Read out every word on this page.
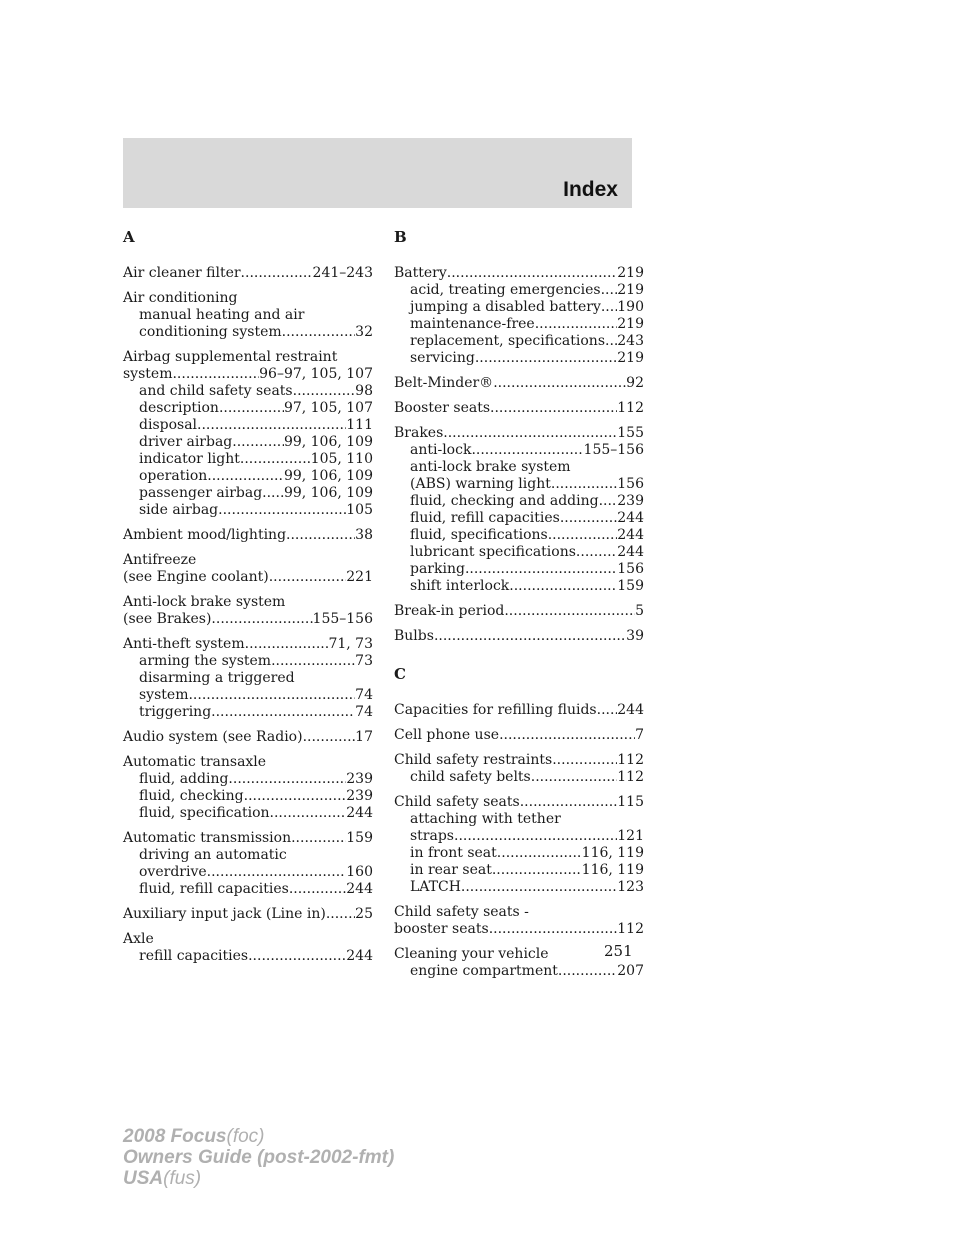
Index
A
Air cleaner filter .....	241–243
Air conditioning
manual heating and air
conditioning system .....	32
Airbag supplemental restraint
system .....	96–97, 105, 107
and child safety seats .....	98
description .....	97, 105, 107
disposal .....	111
driver airbag .....	99, 106, 109
indicator light .....	105, 110
operation .....	99, 106, 109
passenger airbag ..... 99, 106, 109
side airbag .....	105
Ambient mood/lighting .....	38
Antifreeze
(see Engine coolant) .....	221
Anti-lock brake system
(see Brakes) .....	155–156
Anti-theft system .....	71, 73
arming the system .....	73
disarming a triggered
system .....	74
triggering .....	74
Audio system (see Radio) .....	17
Automatic transaxle
fluid, adding .....	239
fluid, checking .....	239
fluid, specification .....	244
Automatic transmission .....	159
driving an automatic
overdrive .....	160
fluid, refill capacities .....	244
Auxiliary input jack (Line in) ..... 25
Axle
refill capacities .....	244
B
Battery .....	219
acid, treating emergencies ..... 219
jumping a disabled battery ..... 190
maintenance-free .....	219
replacement, specifications ..... 243
servicing .....	219
Belt-Minder® .....	92
Booster seats .....	112
Brakes .....	155
anti-lock .....	155–156
anti-lock brake system
(ABS) warning light .....	156
fluid, checking and adding ..... 239
fluid, refill capacities .....	244
fluid, specifications .....	244
lubricant specifications .....	244
parking .....	156
shift interlock .....	159
Break-in period .....	5
Bulbs .....	39
C
Capacities for refilling fluids ..... 244
Cell phone use .....	7
Child safety restraints .....	112
child safety belts .....	112
Child safety seats .....	115
attaching with tether
straps .....	121
in front seat .....	116, 119
in rear seat .....	116, 119
LATCH .....	123
Child safety seats -
booster seats .....	112
Cleaning your vehicle
engine compartment .....	207
251
2008 Focus(foc)
Owners Guide (post-2002-fmt)
USA(fus)
